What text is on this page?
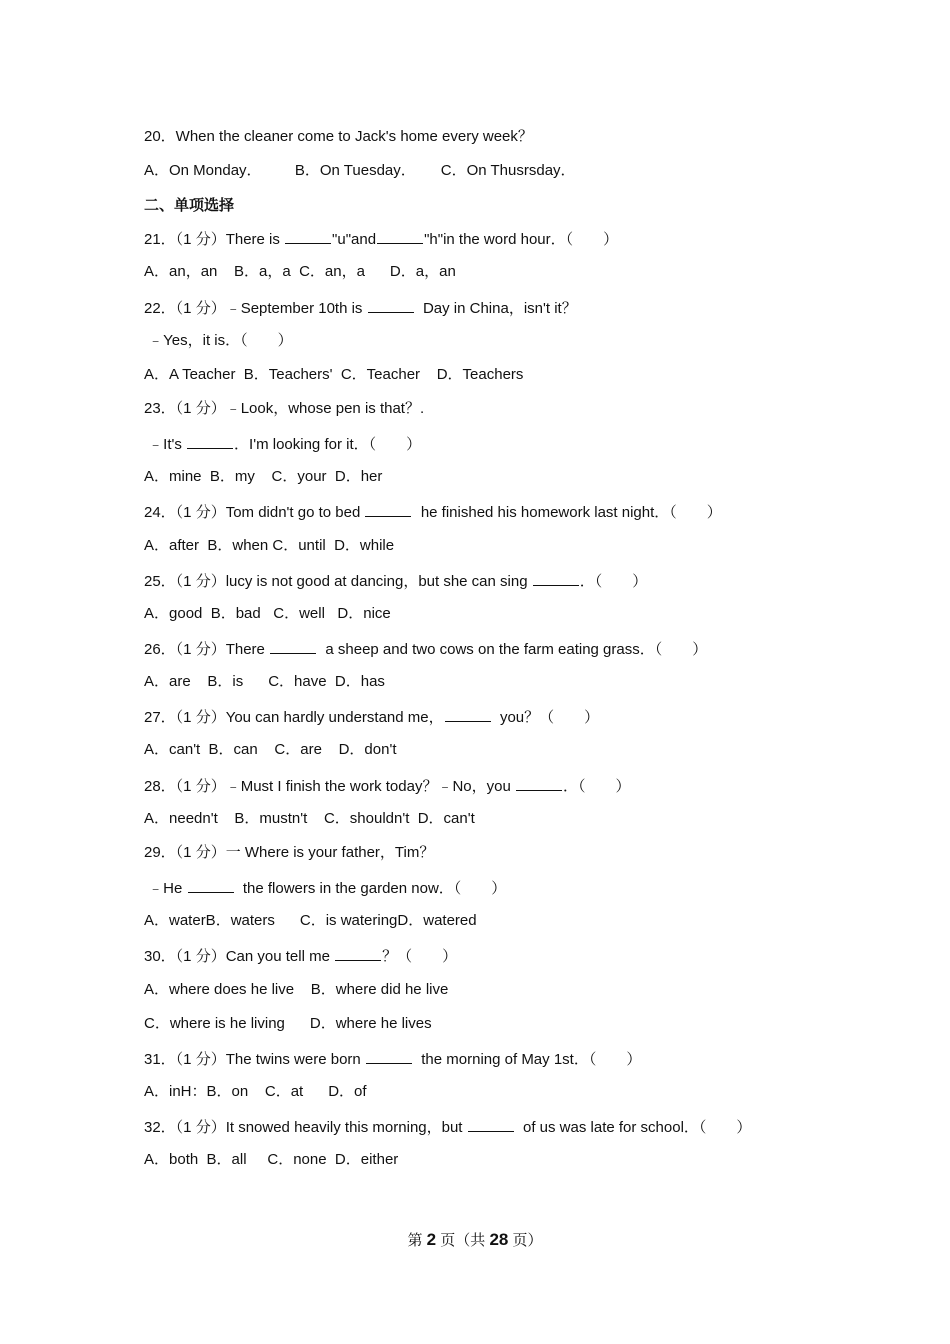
20．When the cleaner come to Jack's home every week？
A．On Monday．        B．On Tuesday．      C．On Thusrsday．
二、单项选择
21．（1 分）There is	"u"and	"h"in the word hour．（　　）
A．an，an    B．a，a  C．an，a      D．a，an
22．（1 分）﹣September 10th is	Day in China，isn't it？
﹣Yes，it is．（　　）
A．A Teacher  B．Teachers'  C．Teacher    D．Teachers
23．（1 分）﹣Look，whose pen is that？.
﹣It's	．I'm looking for it．（　　）
A．mine  B．my    C．your  D．her
24．（1 分）Tom didn't go to bed	he finished his homework last night．（　　）
A．after  B．when C．until  D．while
25．（1 分）lucy is not good at dancing，but she can sing	．（　　）
A．good  B．bad   C．well   D．nice
26．（1 分）There	a sheep and two cows on the farm eating grass．（　　）
A．are    B．is      C．have  D．has
27．（1 分）You can hardly understand me，	you？（　　）
A．can't  B．can    C．are    D．don't
28．（1 分）﹣Must I finish the work today？﹣No，you	．（　　）
A．needn't    B．mustn't    C．shouldn't  D．can't
29．（1 分）一 Where is your father，Tim？
﹣He	the flowers in the garden now．（　　）
A．waterB．waters      C．is wateringD．watered
30．（1 分）Can you tell me	？（　　）
A．where does he live    B．where did he live
C．where is he living      D．where he lives
31．（1 分）The twins were born	the morning of May 1st．（　　）
A．inH：B．on    C．at      D．of
32．（1 分）It snowed heavily this morning，but	of us was late for school．（　　）
A．both  B．all     C．none  D．either
第 2 页（共 28 页）
